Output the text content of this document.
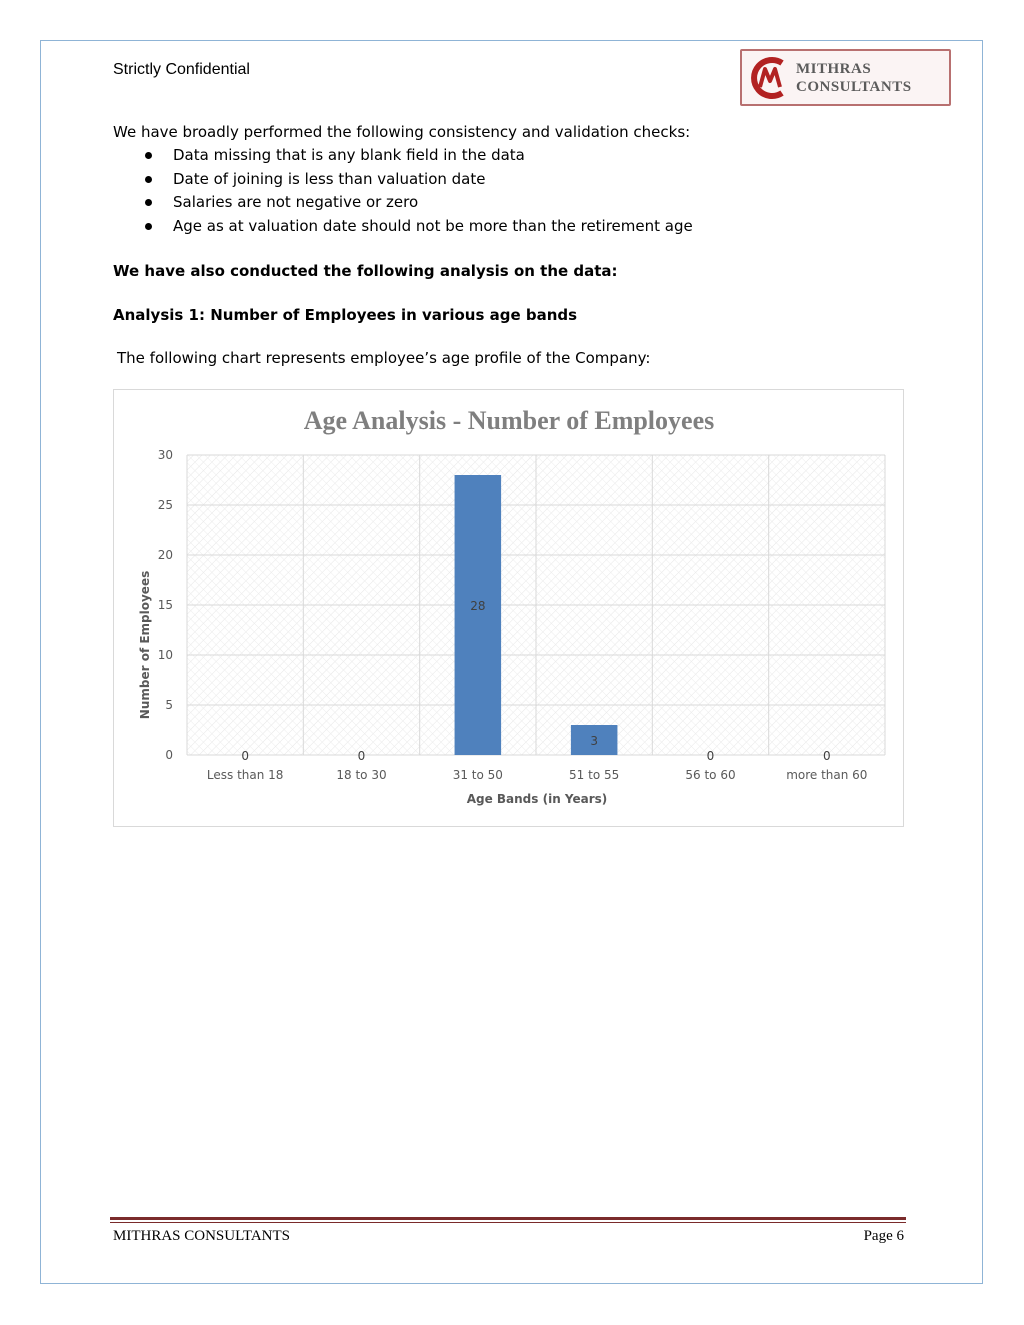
Strictly Confidential	MITHRAS
CONSULTANTS
We have broadly performed the following consistency and validation checks:
Data missing that is any blank field in the data
Date of joining is less than valuation date
Salaries are not negative or zero
Age as at valuation date should not be more than the retirement age
We have also conducted the following analysis on the data:
Analysis 1: Number of Employees in various age bands
The following chart represents employee’s age profile of the Company:
Age Analysis - Number of Employees
Number of Employees
Age Bands (in Years)
0
5
10
15
20
25
30
0
Less than 18
0
18 to 30
28
31 to 50
3
51 to 55
0
56 to 60
0
more than 60
MITHRAS CONSULTANTS	Page 6
